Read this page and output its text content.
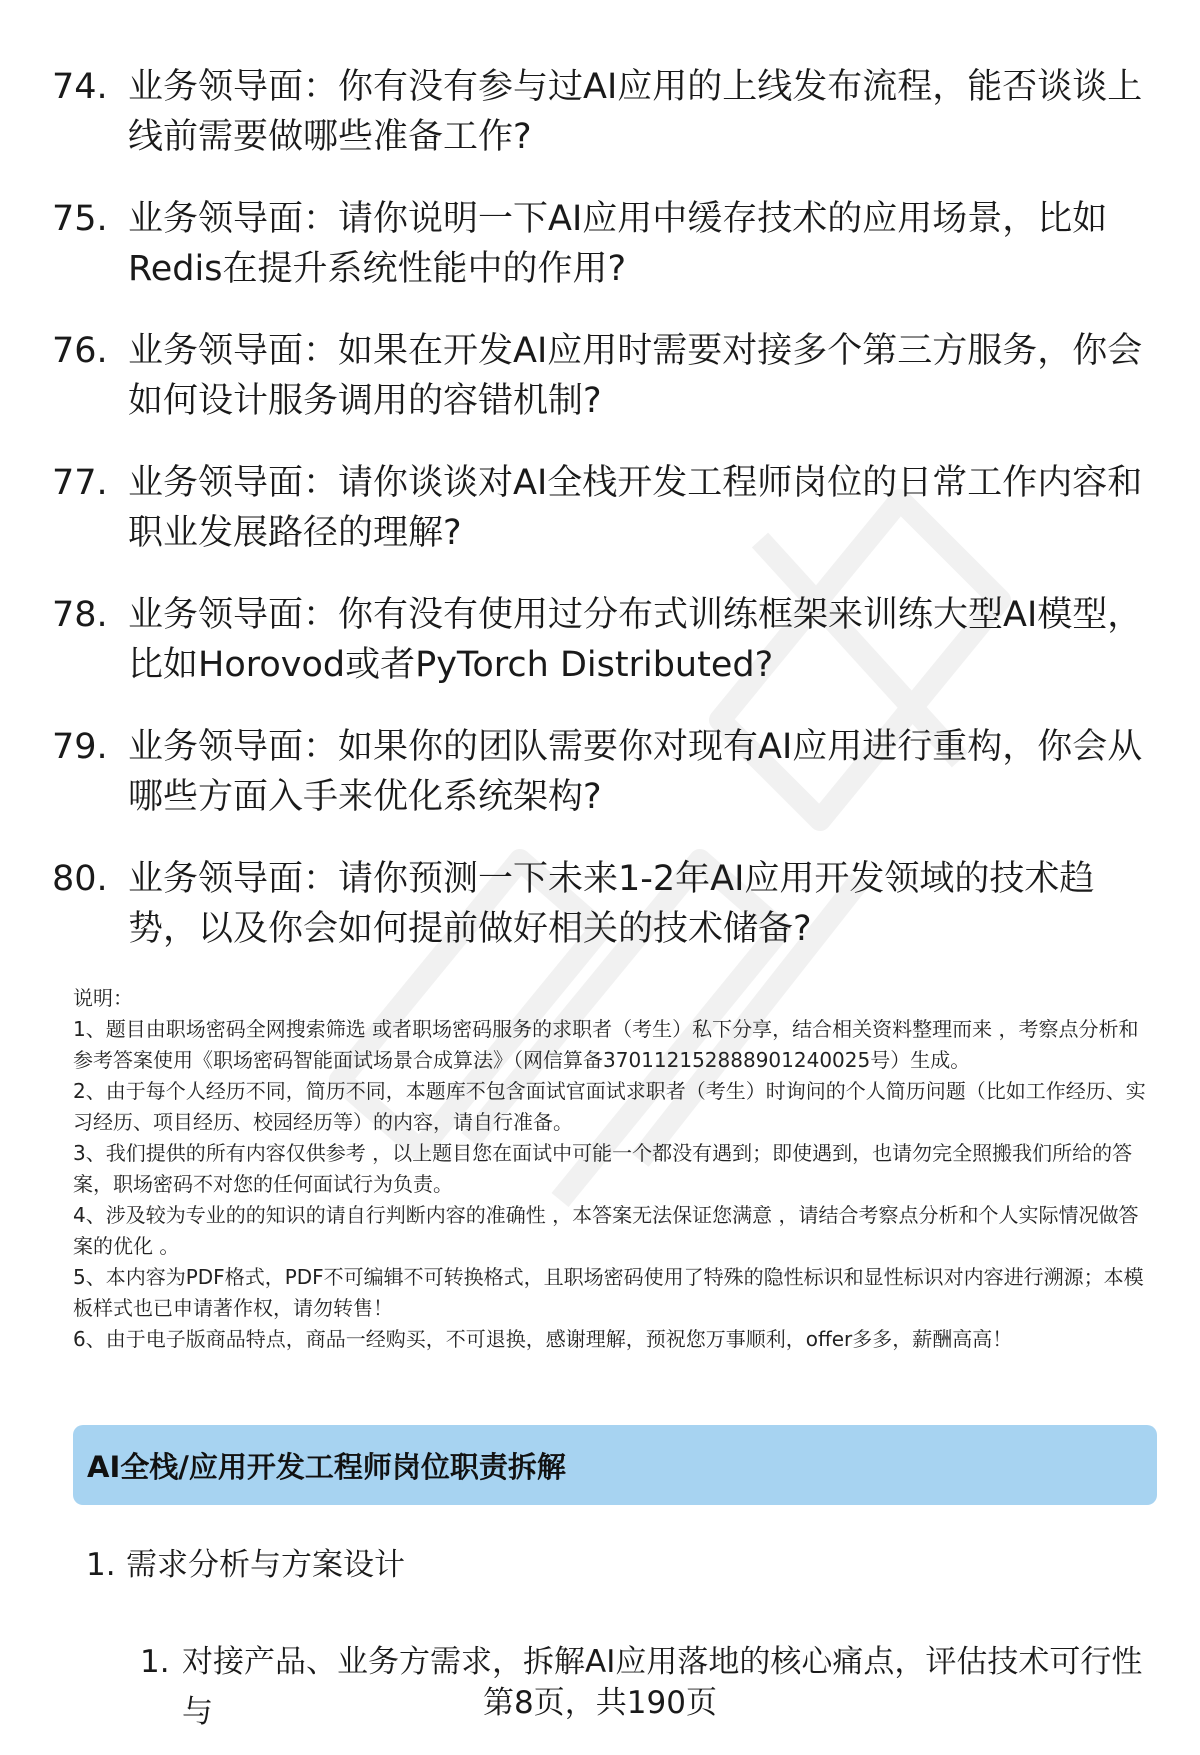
74. 业务领导面：你有没有参与过AI应用的上线发布流程，能否谈谈上线前需要做哪些准备工作?
75. 业务领导面：请你说明一下AI应用中缓存技术的应用场景，比如Redis在提升系统性能中的作用?
76. 业务领导面：如果在开发AI应用时需要对接多个第三方服务，你会如何设计服务调用的容错机制?
77. 业务领导面：请你谈谈对AI全栈开发工程师岗位的日常工作内容和职业发展路径的理解?
78. 业务领导面：你有没有使用过分布式训练框架来训练大型AI模型，比如Horovod或者PyTorch Distributed?
79. 业务领导面：如果你的团队需要你对现有AI应用进行重构，你会从哪些方面入手来优化系统架构?
80. 业务领导面：请你预测一下未来1-2年AI应用开发领域的技术趋势，以及你会如何提前做好相关的技术储备?

说明：

1、题目由职场密码全网搜索筛选 或者职场密码服务的求职者（考生）私下分享，结合相关资料整理而来 ，考察点分析和参考答案使用《职场密码智能面试场景合成算法》（网信算备370112152888901240025号）生成。

2、由于每个人经历不同，简历不同，本题库不包含面试官面试求职者（考生）时询问的个人简历问题（比如工作经历、实习经历、项目经历、校园经历等）的内容，请自行准备。

3、我们提供的所有内容仅供参考 ，以上题目您在面试中可能一个都没有遇到；即使遇到，也请勿完全照搬我们所给的答案，职场密码不对您的任何面试行为负责。

4、涉及较为专业的的知识的请自行判断内容的准确性 ，本答案无法保证您满意 ，请结合考察点分析和个人实际情况做答案的优化 。

5、本内容为PDF格式，PDF不可编辑不可转换格式，且职场密码使用了特殊的隐性标识和显性标识对内容进行溯源；本模板样式也已申请著作权，请勿转售！

6、由于电子版商品特点，商品一经购买，不可退换，感谢理解，预祝您万事顺利，offer多多，薪酬高高！

AI全栈/应用开发工程师岗位职责拆解
1. 需求分析与方案设计
1. 对接产品、业务方需求，拆解AI应用落地的核心痛点，评估技术可行性与	第8页，共190页
